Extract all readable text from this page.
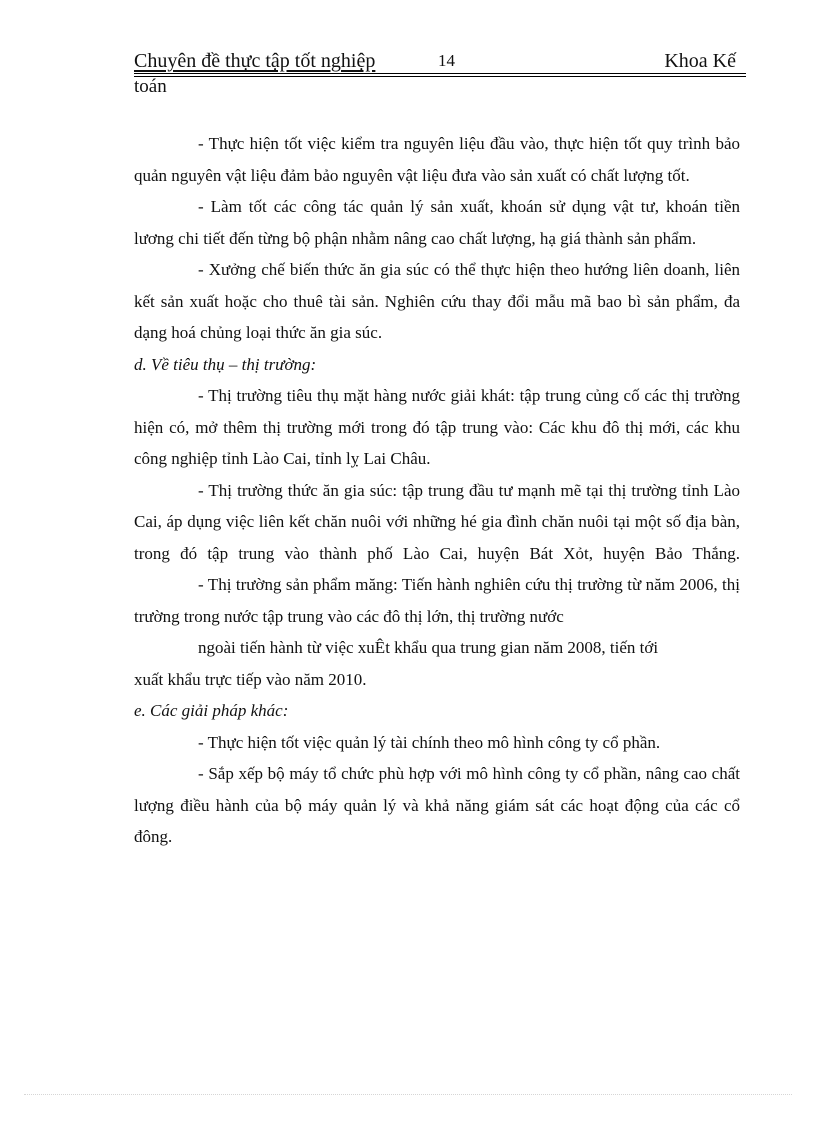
Chuyên đề thực tập tốt nghiệp	14	Khoa Kế
toán

- Thực hiện tốt việc kiểm tra nguyên liệu đầu vào, thực hiện tốt quy trình bảo quản nguyên vật liệu đảm bảo nguyên vật liệu đưa vào sản xuất có chất lượng tốt.

- Làm tốt các công tác quản lý sản xuất, khoán sử dụng vật tư, khoán tiền lương chi tiết đến từng bộ phận nhằm nâng cao chất lượng, hạ giá thành sản phẩm.

- Xưởng chế biến thức ăn gia súc có thể thực hiện theo hướng liên doanh, liên kết sản xuất hoặc cho thuê tài sản. Nghiên cứu thay đổi mẫu mã bao bì sản phẩm, đa dạng hoá chủng loại thức ăn gia súc.

d. Về tiêu thụ – thị trường:

- Thị trường tiêu thụ mặt hàng nước giải khát: tập trung củng cố các thị trường hiện có, mở thêm thị trường mới trong đó tập trung vào: Các khu đô thị mới, các khu công nghiệp tỉnh Lào Cai, tỉnh lỵ Lai Châu.

- Thị trường thức ăn gia súc: tập trung đầu tư mạnh mẽ tại thị trường tỉnh Lào Cai, áp dụng việc liên kết chăn nuôi với những hé gia đình chăn nuôi tại một số địa bàn, trong đó tập trung vào thành phố Lào Cai, huyện Bát Xỏt, huyện Bảo Thắng.

- Thị trường sản phẩm măng: Tiến hành nghiên cứu thị trường từ năm 2006, thị trường trong nước tập trung vào các đô thị lớn, thị trường nước

ngoài tiến hành từ việc xuÊt khẩu qua trung gian năm 2008, tiến tới

xuất khẩu trực tiếp vào năm 2010.

e. Các giải pháp khác:

- Thực hiện tốt việc quản lý tài chính theo mô hình công ty cổ phần.

- Sắp xếp bộ máy tổ chức phù hợp với mô hình công ty cổ phần, nâng cao chất lượng điều hành của bộ máy quản lý và khả năng giám sát các hoạt động của các cổ đông.
